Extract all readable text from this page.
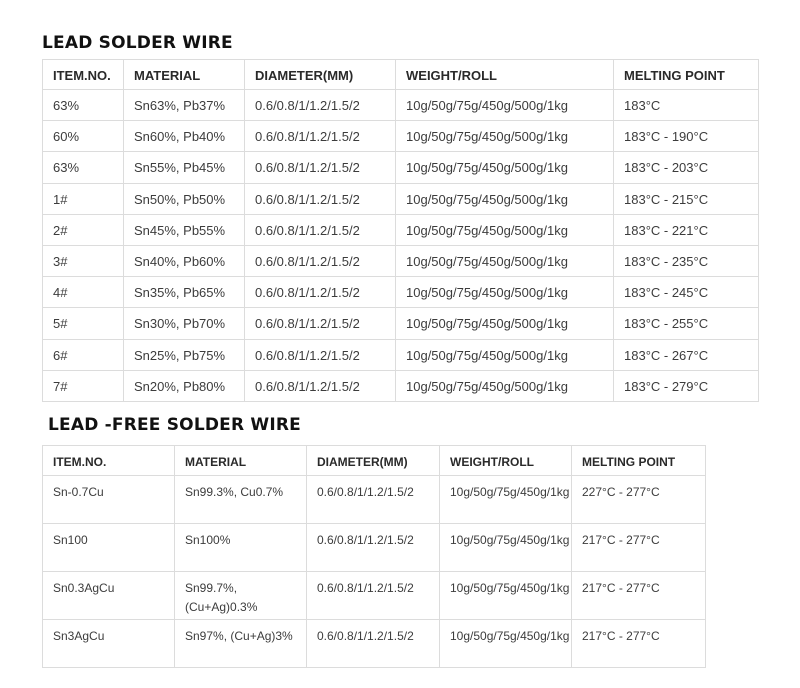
LEAD SOLDER WIRE
ITEM.NO.	MATERIAL	DIAMETER(MM)	WEIGHT/ROLL	MELTING POINT
63%	Sn63%, Pb37%	0.6/0.8/1/1.2/1.5/2	10g/50g/75g/450g/500g/1kg	183°C
60%	Sn60%, Pb40%	0.6/0.8/1/1.2/1.5/2	10g/50g/75g/450g/500g/1kg	183°C - 190°C
63%	Sn55%, Pb45%	0.6/0.8/1/1.2/1.5/2	10g/50g/75g/450g/500g/1kg	183°C - 203°C
1#	Sn50%, Pb50%	0.6/0.8/1/1.2/1.5/2	10g/50g/75g/450g/500g/1kg	183°C - 215°C
2#	Sn45%, Pb55%	0.6/0.8/1/1.2/1.5/2	10g/50g/75g/450g/500g/1kg	183°C - 221°C
3#	Sn40%, Pb60%	0.6/0.8/1/1.2/1.5/2	10g/50g/75g/450g/500g/1kg	183°C - 235°C
4#	Sn35%, Pb65%	0.6/0.8/1/1.2/1.5/2	10g/50g/75g/450g/500g/1kg	183°C - 245°C
5#	Sn30%, Pb70%	0.6/0.8/1/1.2/1.5/2	10g/50g/75g/450g/500g/1kg	183°C - 255°C
6#	Sn25%, Pb75%	0.6/0.8/1/1.2/1.5/2	10g/50g/75g/450g/500g/1kg	183°C - 267°C
7#	Sn20%, Pb80%	0.6/0.8/1/1.2/1.5/2	10g/50g/75g/450g/500g/1kg	183°C - 279°C
LEAD -FREE SOLDER WIRE
ITEM.NO.	MATERIAL	DIAMETER(MM)	WEIGHT/ROLL	MELTING POINT
Sn-0.7Cu	Sn99.3%, Cu0.7%	0.6/0.8/1/1.2/1.5/2	10g/50g/75g/450g/1kg	227°C - 277°C
Sn100	Sn100%	0.6/0.8/1/1.2/1.5/2	10g/50g/75g/450g/1kg	217°C - 277°C
Sn0.3AgCu	Sn99.7%, (Cu+Ag)0.3%	0.6/0.8/1/1.2/1.5/2	10g/50g/75g/450g/1kg	217°C - 277°C
Sn3AgCu	Sn97%, (Cu+Ag)3%	0.6/0.8/1/1.2/1.5/2	10g/50g/75g/450g/1kg	217°C - 277°C
